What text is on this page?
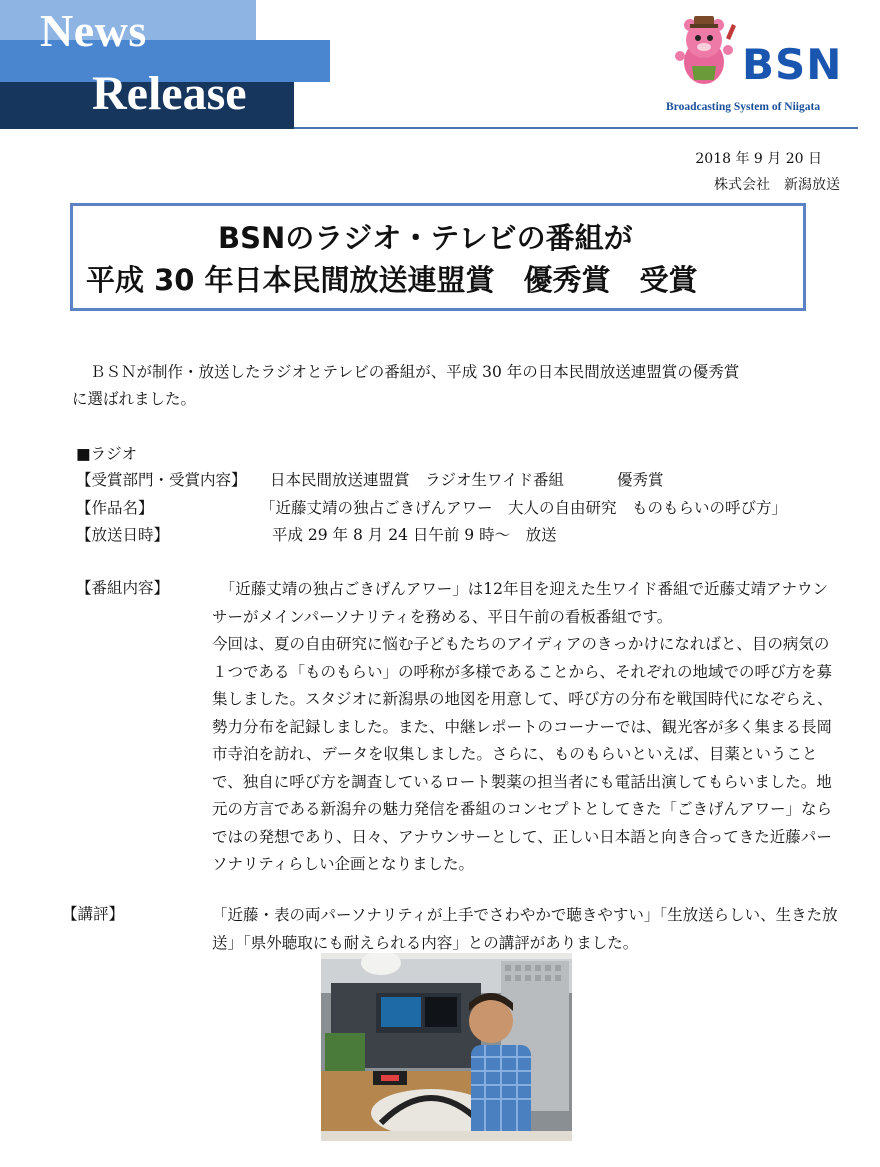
News
Release
BSN
Broadcasting System of Niigata
2018 年 9 月 20 日
株式会社　新潟放送
BSNのラジオ・テレビの番組が
平成 30 年日本民間放送連盟賞　優秀賞　受賞
ＢＳＮが制作・放送したラジオとテレビの番組が、平成 30 年の日本民間放送連盟賞の優秀賞
に選ばれました。
■ラジオ
【受賞部門・受賞内容】 日本民間放送連盟賞　ラジオ生ワイド番組	優秀賞
【作品名】	「近藤丈靖の独占ごきげんアワー　大人の自由研究　ものもらいの呼び方」
【放送日時】	平成 29 年 8 月 24 日午前 9 時～　放送
【番組内容】	　「近藤丈靖の独占ごきげんアワー」は12年目を迎えた生ワイド番組で近藤丈靖アナウンサーがメインパーソナリティを務める、平日午前の看板番組です。

今回は、夏の自由研究に悩む子どもたちのアイディアのきっかけになればと、目の病気の１つである「ものもらい」の呼称が多様であることから、それぞれの地域での呼び方を募集しました。スタジオに新潟県の地図を用意して、呼び方の分布を戦国時代になぞらえ、勢力分布を記録しました。また、中継レポートのコーナーでは、観光客が多く集まる長岡市寺泊を訪れ、データを収集しました。さらに、ものもらいといえば、目薬ということで、独自に呼び方を調査しているロート製薬の担当者にも電話出演してもらいました。地元の方言である新潟弁の魅力発信を番組のコンセプトとしてきた「ごきげんアワー」ならではの発想であり、日々、アナウンサーとして、正しい日本語と向き合ってきた近藤パーソナリティらしい企画となりました。

【講評】	「近藤・表の両パーソナリティが上手でさわやかで聴きやすい」「生放送らしい、生きた放送」「県外聴取にも耐えられる内容」との講評がありました。
